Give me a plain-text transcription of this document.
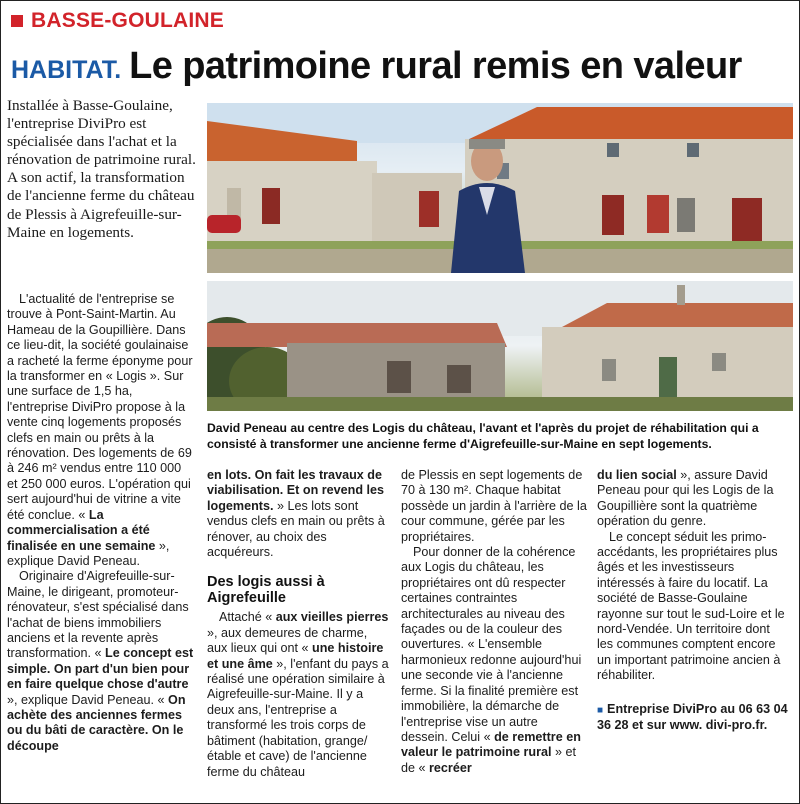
BASSE-GOULAINE
HABITAT. Le patrimoine rural remis en valeur
Installée à Basse-Goulaine, l'entreprise DiviPro est spécialisée dans l'achat et la rénovation de patrimoine rural. A son actif, la transformation de l'ancienne ferme du château de Plessis à Aigrefeuille-sur-Maine en logements.
David Peneau au centre des Logis du château, l'avant et l'après du projet de réhabilitation qui a consisté à transformer une ancienne ferme d'Aigrefeuille-sur-Maine en sept logements.

L'actualité de l'entreprise se trouve à Pont-Saint-Martin. Au Hameau de la Goupillière. Dans ce lieu-dit, la société goulainaise a racheté la ferme éponyme pour la transformer en « Logis ». Sur une surface de 1,5 ha, l'entreprise DiviPro propose à la vente cinq logements proposés clefs en main ou prêts à la rénovation. Des logements de 69 à 246 m² vendus entre 110 000 et 250 000 euros. L'opération qui sert aujourd'hui de vitrine a vite été conclue. « La commercialisation a été finalisée en une semaine », explique David Peneau.

Originaire d'Aigrefeuille-sur-Maine, le dirigeant, promoteur-rénovateur, s'est spécialisé dans l'achat de biens immobiliers anciens et la revente après transformation. « Le concept est simple. On part d'un bien pour en faire quelque chose d'autre », explique David Peneau. « On achète des anciennes fermes ou du bâti de caractère. On le découpe

en lots. On fait les travaux de viabilisation. Et on revend les logements. » Les lots sont vendus clefs en main ou prêts à rénover, au choix des acquéreurs.

Des logis aussi à Aigrefeuille

Attaché « aux vieilles pierres », aux demeures de charme, aux lieux qui ont « une histoire et une âme », l'enfant du pays a réalisé une opération similaire à Aigrefeuille-sur-Maine. Il y a deux ans, l'entreprise a transformé les trois corps de bâtiment (habitation, grange/étable et cave) de l'ancienne ferme du château

de Plessis en sept logements de 70 à 130 m². Chaque habitat possède un jardin à l'arrière de la cour commune, gérée par les propriétaires.

Pour donner de la cohérence aux Logis du château, les propriétaires ont dû respecter certaines contraintes architecturales au niveau des façades ou de la couleur des ouvertures. « L'ensemble harmonieux redonne aujourd'hui une seconde vie à l'ancienne ferme. Si la finalité première est immobilière, la démarche de l'entreprise vise un autre dessein. Celui « de remettre en valeur le patrimoine rural » et de « recréer

du lien social », assure David Peneau pour qui les Logis de la Goupillière sont la quatrième opération du genre.

Le concept séduit les primo-accédants, les propriétaires plus âgés et les investisseurs intéressés à faire du locatif. La société de Basse-Goulaine rayonne sur tout le sud-Loire et le nord-Vendée. Un territoire dont les communes comptent encore un important patrimoine ancien à réhabiliter.

■ Entreprise DiviPro au 06 63 04 36 28 et sur www. divi-pro.fr.
